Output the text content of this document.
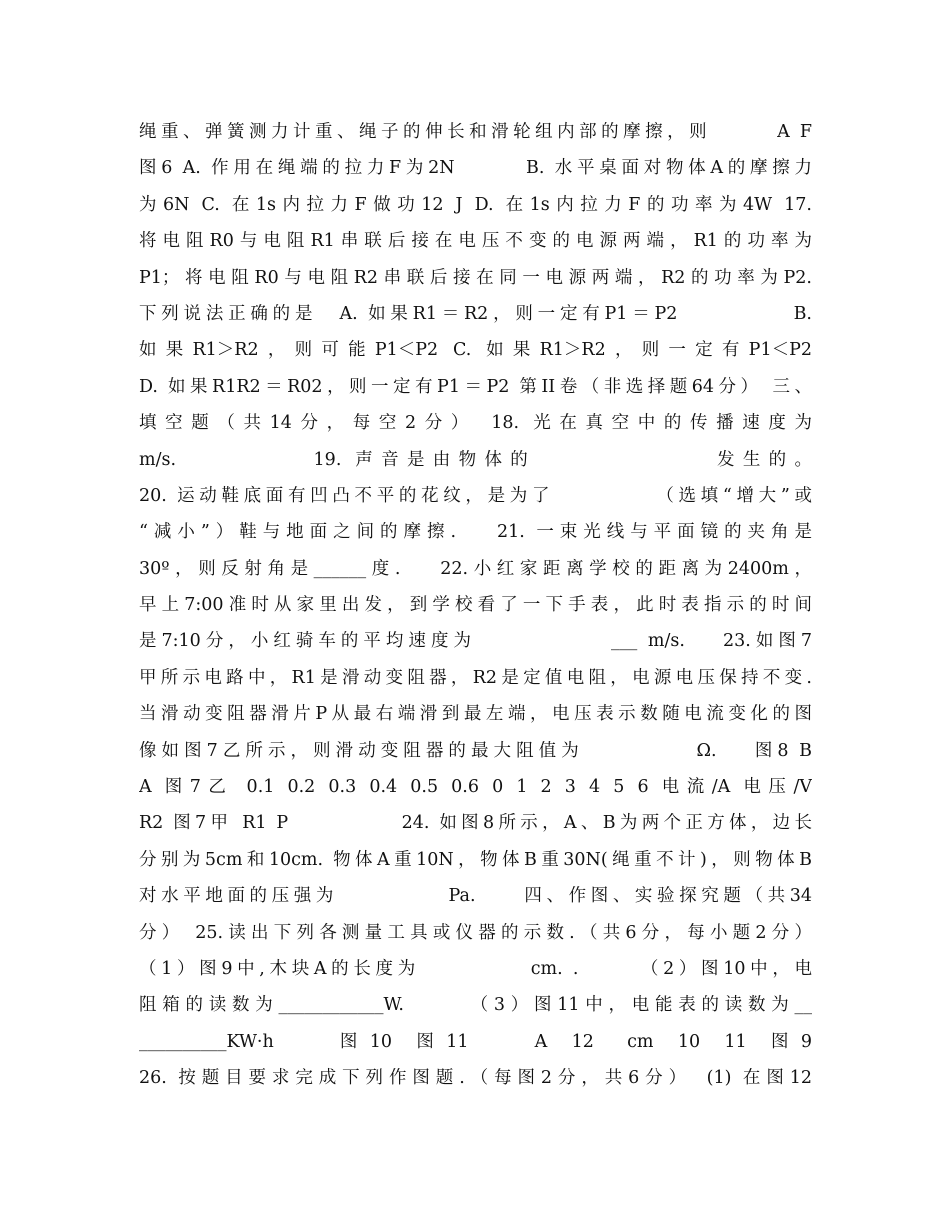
绳重、弹簧测力计重、绳子的伸长和滑轮组内部的摩擦，则　　　A F
图6 A. 作用在绳端的拉力F为2N　　　B. 水平桌面对物体A的摩擦力
为6N C. 在1s内拉力F做功12 J D. 在1s内拉力F的功率为4W 17.
将电阻R0与电阻R1串联后接在电压不变的电源两端，R1的功率为
P1；将电阻R0与电阻R2串联后接在同一电源两端，R2的功率为P2.
下列说法正确的是　A. 如果R1＝R2，则一定有P1＝P2　　　　　B.
如果R1＞R2，则可能P1＜P2 C. 如果R1＞R2，则一定有P1＜P2
D. 如果R1R2＝R02，则一定有P1＝P2 第II卷（非选择题64分） 三、
填空题（共14分，每空2分） 18. 光在真空中的传播速度为
m/s.　　　　　19. 声音是由物体的　　　　　　　发生的。
20. 运动鞋底面有凹凸不平的花纹，是为了　　　　　（选填“增大”或
“减小”）鞋与地面之间的摩擦.　 21. 一束光线与平面镜的夹角是
30º，则反射角是______度.　 22.小红家距离学校的距离为2400m，
早上7:00准时从家里出发，到学校看了一下手表，此时表指示的时间
是7:10分，小红骑车的平均速度为　　　　　　___ m/s.　 23.如图7
甲所示电路中，R1是滑动变阻器，R2是定值电阻，电源电压保持不变.
当滑动变阻器滑片P从最右端滑到最左端，电压表示数随电流变化的图
像如图7乙所示，则滑动变阻器的最大阻值为　　　　　Ω.　 图8 B
A 图7乙 0.1 0.2 0.3 0.4 0.5 0.6 0 1 2 3 4 5 6 电流/A 电压/V
R2 图7甲 R1 P　　　　　24. 如图8所示，A、B为两个正方体，边长
分别为5cm和10cm. 物体A重10N，物体B重30N(绳重不计)，则物体B
对水平地面的压强为　　　　　Pa.　　四、作图、实验探究题（共34
分） 25.读出下列各测量工具或仪器的示数.（共6分，每小题2分）
（1）图9中,木块A的长度为　　　　　cm. .　　　（2）图10中，电
阻箱的读数为____________W.　　　（3）图11中，电能表的读数为__
__________KW·h　　　图 10　图 11　　　A　12　 cm　10　11　图 9
26. 按题目要求完成下列作图题.（每图2分，共6分）　(1) 在图12
